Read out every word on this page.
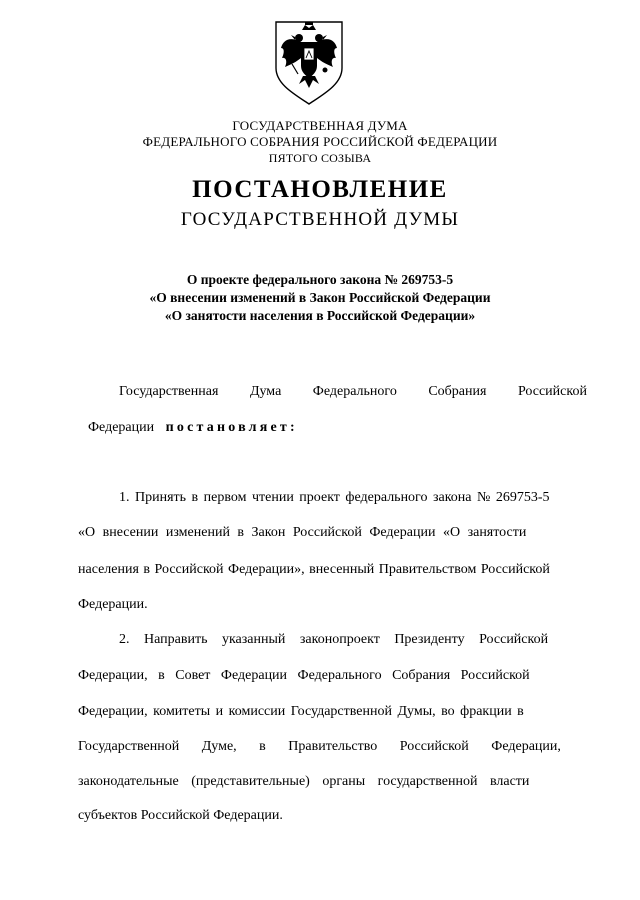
ГОСУДАРСТВЕННАЯ ДУМА
ФЕДЕРАЛЬНОГО СОБРАНИЯ РОССИЙСКОЙ ФЕДЕРАЦИИ
ПЯТОГО СОЗЫВА
ПОСТАНОВЛЕНИЕ
ГОСУДАРСТВЕННОЙ ДУМЫ
О проекте федерального закона № 269753-5
«О внесении изменений в Закон Российской Федерации
«О занятости населения в Российской Федерации»
Государственная Дума Федерального Собрания Российской
Федерации постановляет:
1. Принять в первом чтении проект федерального закона № 269753-5
«О внесении изменений в Закон Российской Федерации «О занятости
населения в Российской Федерации», внесенный Правительством Российской
Федерации.
2. Направить указанный законопроект Президенту Российской
Федерации, в Совет Федерации Федерального Собрания Российской
Федерации, комитеты и комиссии Государственной Думы, во фракции в
Государственной Думе, в Правительство Российской Федерации,
законодательные (представительные) органы государственной власти
субъектов Российской Федерации.
